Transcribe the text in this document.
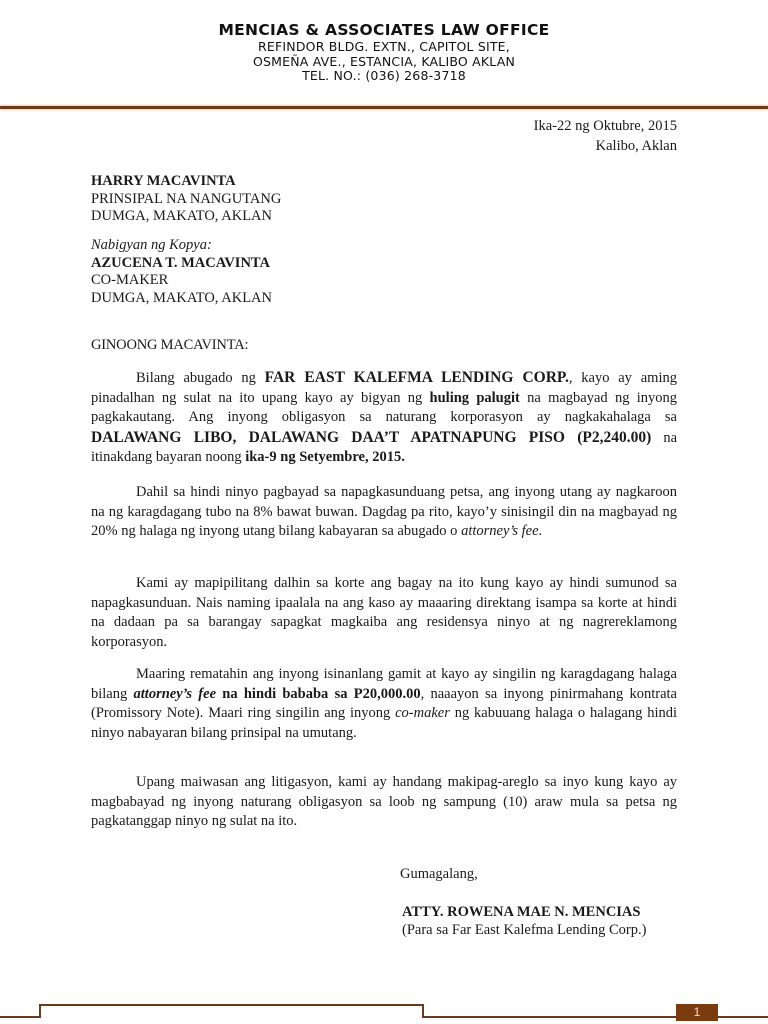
MENCIAS & ASSOCIATES LAW OFFICE
REFINDOR BLDG. EXTN., CAPITOL SITE,
OSMEÑA AVE., ESTANCIA, KALIBO AKLAN
TEL. NO.: (036) 268-3718
Ika-22 ng Oktubre, 2015
Kalibo, Aklan
HARRY MACAVINTA
PRINSIPAL NA NANGUTANG
DUMGA, MAKATO, AKLAN
Nabigyan ng Kopya:
AZUCENA T. MACAVINTA
CO-MAKER
DUMGA, MAKATO, AKLAN
GINOONG MACAVINTA:

Bilang abugado ng FAR EAST KALEFMA LENDING CORP., kayo ay aming pinadalhan ng sulat na ito upang kayo ay bigyan ng huling palugit na magbayad ng inyong pagkakautang. Ang inyong obligasyon sa naturang korporasyon ay nagkakahalaga sa DALAWANG LIBO, DALAWANG DAA’T APATNAPUNG PISO (P2,240.00) na itinakdang bayaran noong ika-9 ng Setyembre, 2015.

Dahil sa hindi ninyo pagbayad sa napagkasunduang petsa, ang inyong utang ay nagkaroon na ng karagdagang tubo na 8% bawat buwan. Dagdag pa rito, kayo’y sinisingil din na magbayad ng 20% ng halaga ng inyong utang bilang kabayaran sa abugado o attorney’s fee.

Kami ay mapipilitang dalhin sa korte ang bagay na ito kung kayo ay hindi sumunod sa napagkasunduan. Nais naming ipaalala na ang kaso ay maaaring direktang isampa sa korte at hindi na dadaan pa sa barangay sapagkat magkaiba ang residensya ninyo at ng nagrereklamong korporasyon.

Maaring rematahin ang inyong isinanlang gamit at kayo ay singilin ng karagdagang halaga bilang attorney’s fee na hindi bababa sa P20,000.00, naaayon sa inyong pinirmahang kontrata (Promissory Note). Maari ring singilin ang inyong co-maker ng kabuuang halaga o halagang hindi ninyo nabayaran bilang prinsipal na umutang.

Upang maiwasan ang litigasyon, kami ay handang makipag-areglo sa inyo kung kayo ay magbabayad ng inyong naturang obligasyon sa loob ng sampung (10) araw mula sa petsa ng pagkatanggap ninyo ng sulat na ito.

Gumagalang,
ATTY. ROWENA MAE N. MENCIAS
(Para sa Far East Kalefma Lending Corp.)
1
